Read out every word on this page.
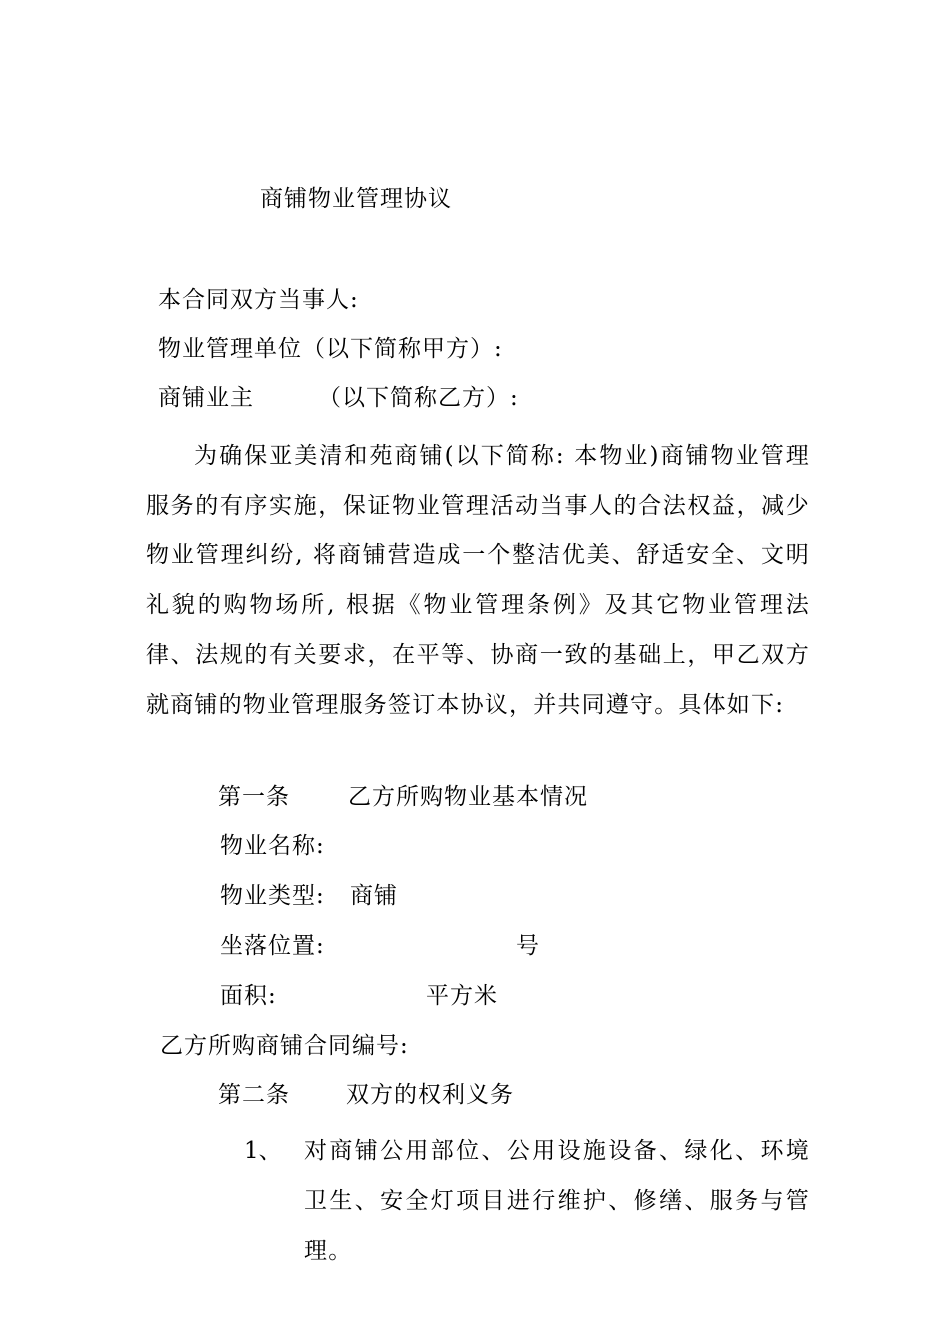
商铺物业管理协议
本合同双方当事人:
物业管理单位（以下简称甲方）:
商铺业主	（以下简称乙方）:
为确保亚美清和苑商铺(以下简称: 本物业)商铺物业管理服务的有序实施，保证物业管理活动当事人的合法权益，减少物业管理纠纷, 将商铺营造成一个整洁优美、舒适安全、文明礼貌的购物场所, 根据《物业管理条例》及其它物业管理法律、法规的有关要求，在平等、协商一致的基础上，甲乙双方就商铺的物业管理服务签订本协议，并共同遵守。具体如下:
第一条	乙方所购物业基本情况
物业名称:
物业类型: 商铺
坐落位置:	号
面积:	平方米
乙方所购商铺合同编号:
第二条 双方的权利义务
1、 对商铺公用部位、公用设施设备、绿化、环境卫生、安全灯项目进行维护、修缮、服务与管理。
